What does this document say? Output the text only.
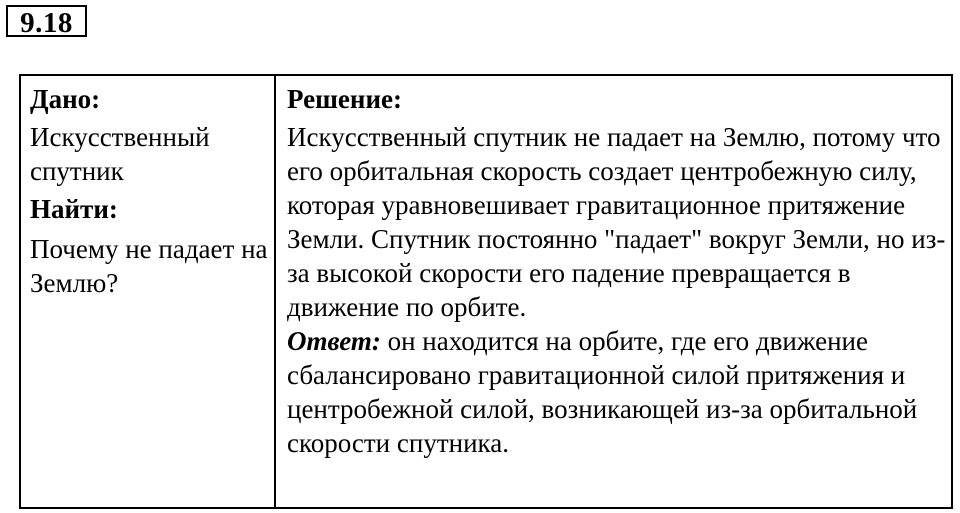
9.18
Дано:
Искусственный спутник
Найти:
Почему не падает на Землю?
Решение:
Искусственный спутник не падает на Землю, потому что его орбитальная скорость создает центробежную силу, которая уравновешивает гравитационное притяжение Земли. Спутник постоянно "падает" вокруг Земли, но из-за высокой скорости его падение превращается в движение по орбите.
Ответ: он находится на орбите, где его движение сбалансировано гравитационной силой притяжения и центробежной силой, возникающей из-за орбитальной скорости спутника.
